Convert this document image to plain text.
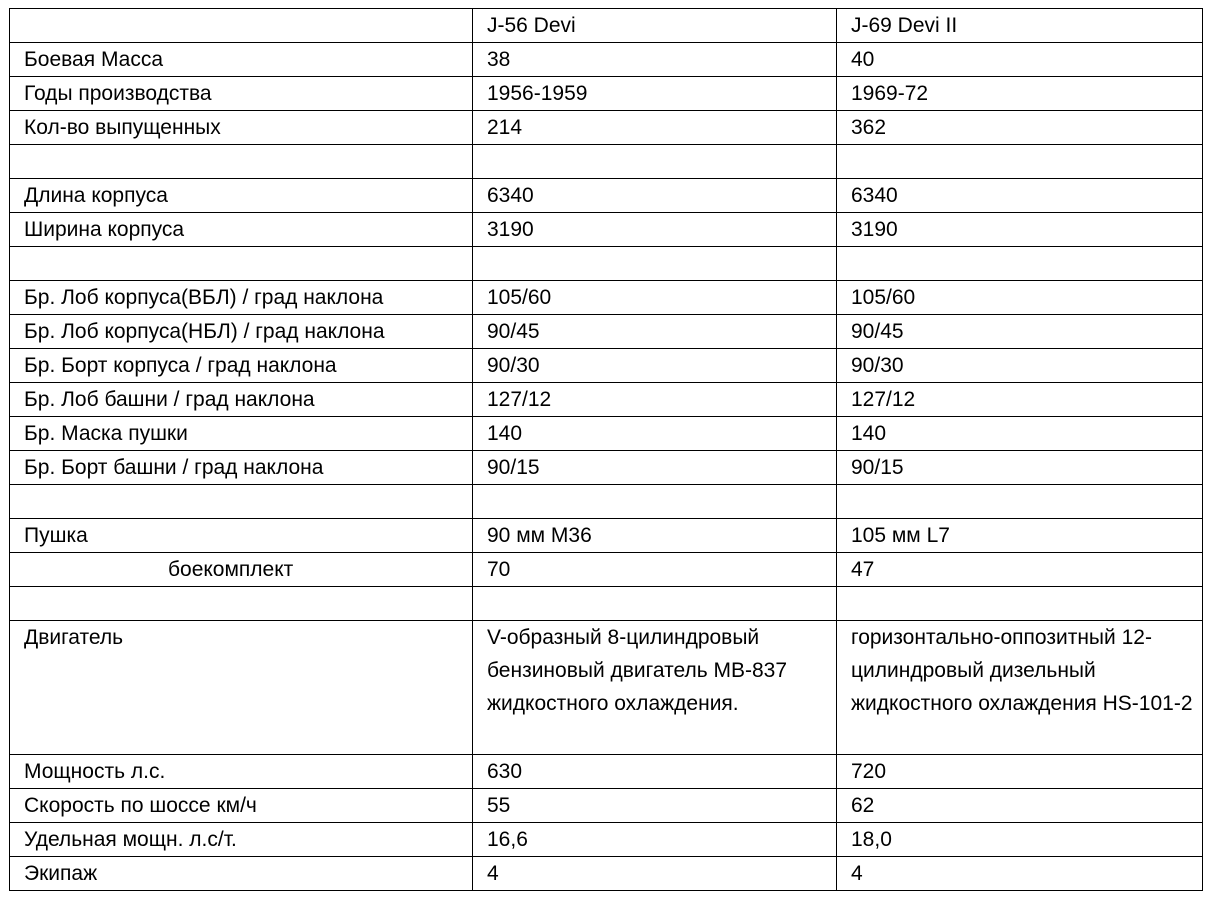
	J-56 Devi	J-69 Devi II
Боевая Масса	38	40
Годы производства	1956-1959	1969-72
Кол-во выпущенных	214	362

Длина корпуса	6340	6340
Ширина корпуса	3190	3190

Бр. Лоб корпуса(ВБЛ) / град наклона	105/60	105/60
Бр. Лоб корпуса(НБЛ) / град наклона	90/45	90/45
Бр. Борт корпуса / град наклона	90/30	90/30
Бр. Лоб башни / град наклона	127/12	127/12
Бр. Маска пушки	140	140
Бр. Борт башни / град наклона	90/15	90/15

Пушка	90 мм М36	105 мм L7
боекомплект	70	47

Двигатель	V-образный 8-цилиндровый бензиновый двигатель MB-837 жидкостного охлаждения.	горизонтально-оппозитный 12-цилиндровый дизельный жидкостного охлаждения HS-101-2
Мощность л.с.	630	720
Скорость по шоссе км/ч	55	62
Удельная мощн. л.с/т.	16,6	18,0
Экипаж	4	4
